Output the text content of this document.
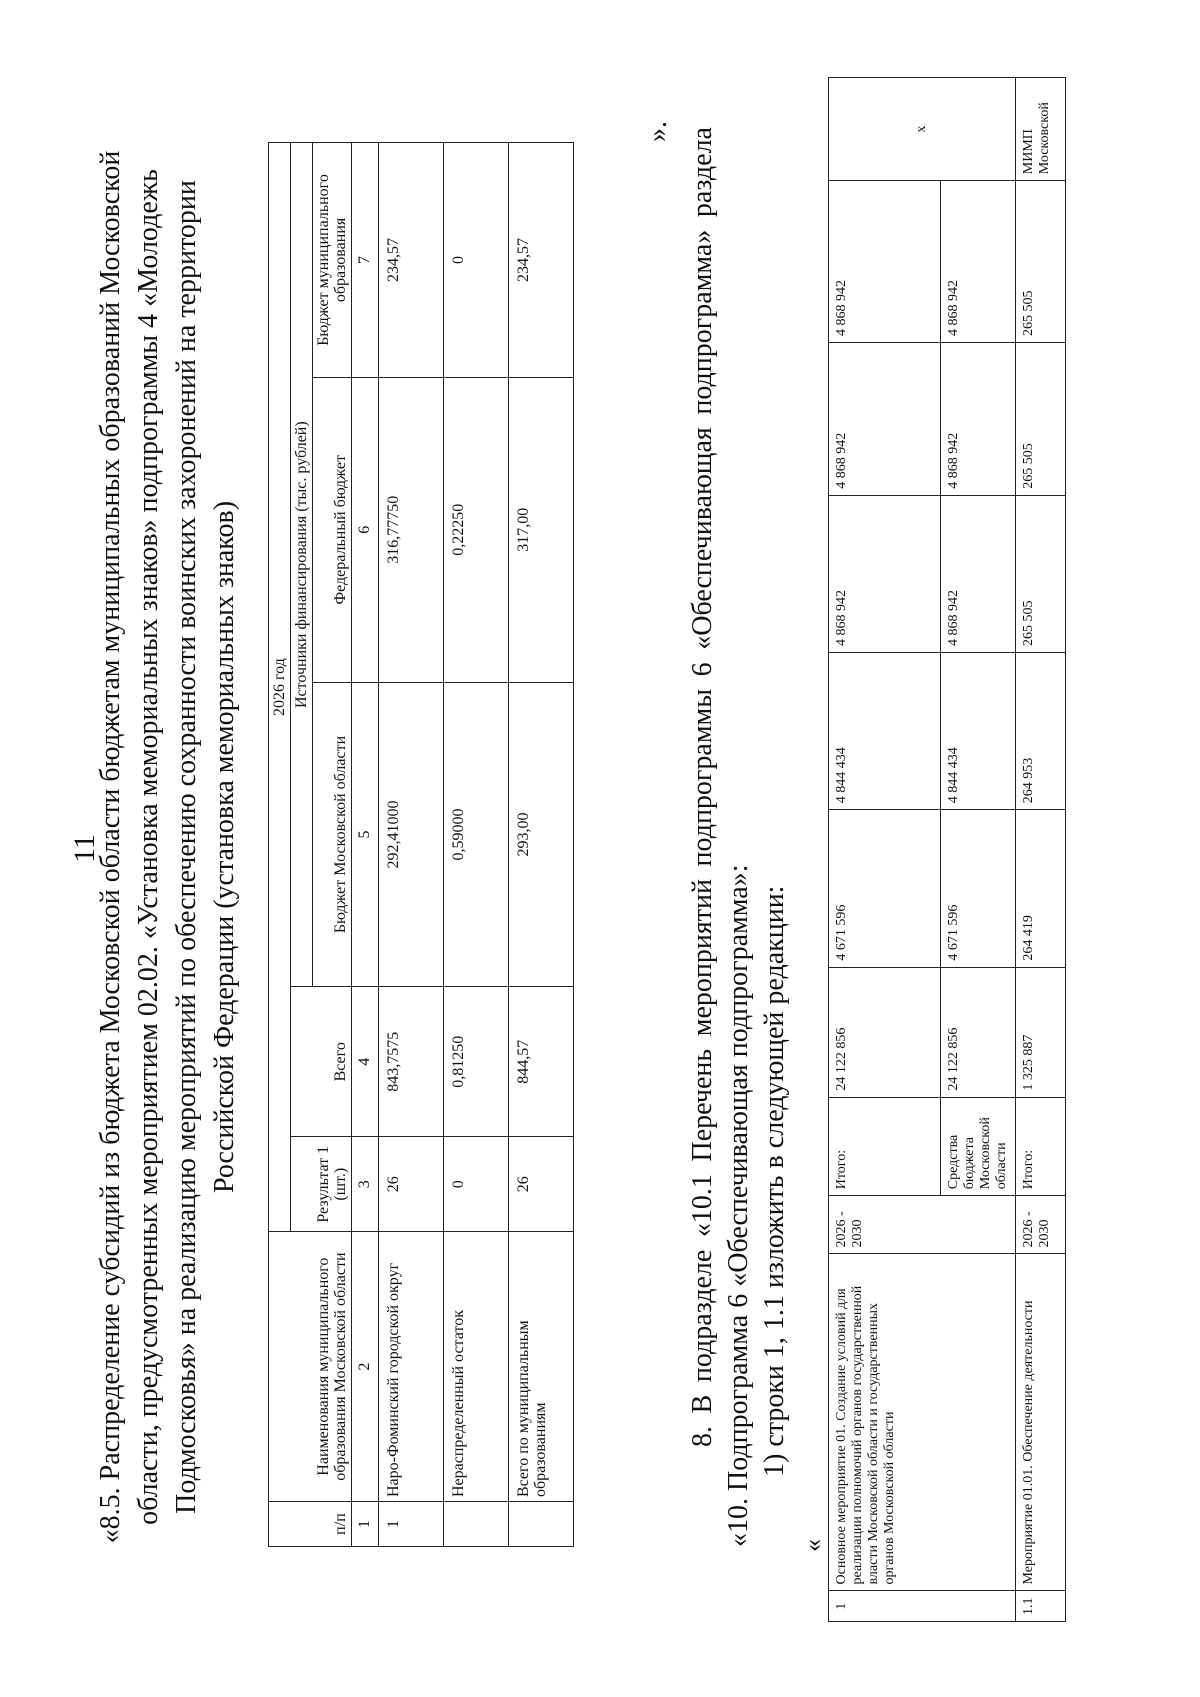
11
«8.5. Распределение субсидий из бюджета Московской области бюджетам муниципальных образований Московской области, предусмотренных мероприятием 02.02. «Установка мемориальных знаков» подпрограммы 4 «Молодежь Подмосковья» на реализацию мероприятий по обеспечению сохранности воинских захоронений на территории Российской Федерации (установка мемориальных знаков)
п/п	Наименования муниципального образования Московской области	2026 год				
		Результат 1 (шт.)	Всего	Источники финансирования (тыс. рублей)		
				Бюджет Московской области	Федеральный бюджет	Бюджет муниципального образования

1	2	3	4	5	6	7
1	Наро-Фоминский городской округ	26	843,7575	292,41000	316,77750	234,57
	Нераспределенный остаток	0	0,81250	0,59000	0,22250	0
	Всего по муниципальным образованиям	26	844,57	293,00	317,00	234,57
». 8. В подразделе «10.1 Перечень мероприятий подпрограммы 6 «Обеспечивающая подпрограмма» раздела «10. Подпрограмма 6 «Обеспечивающая подпрограмма»: 1) строки 1, 1.1 изложить в следующей редакции:
«
1	Основное мероприятие 01. Создание условий для реализации полномочий органов государственной власти Московской области и государственных органов Московской области	2026 - 2030	Итого:	24 122 856	4 671 596	4 844 434	4 868 942	4 868 942	4 868 942	х
			Средства бюджета Московской области	24 122 856	4 671 596	4 844 434	4 868 942	4 868 942	4 868 942	
1.1	Мероприятие 01.01. Обеспечение деятельности	2026 - 2030	Итого:	1 325 887	264 419	264 953	265 505	265 505	265 505	МИМП Московской
